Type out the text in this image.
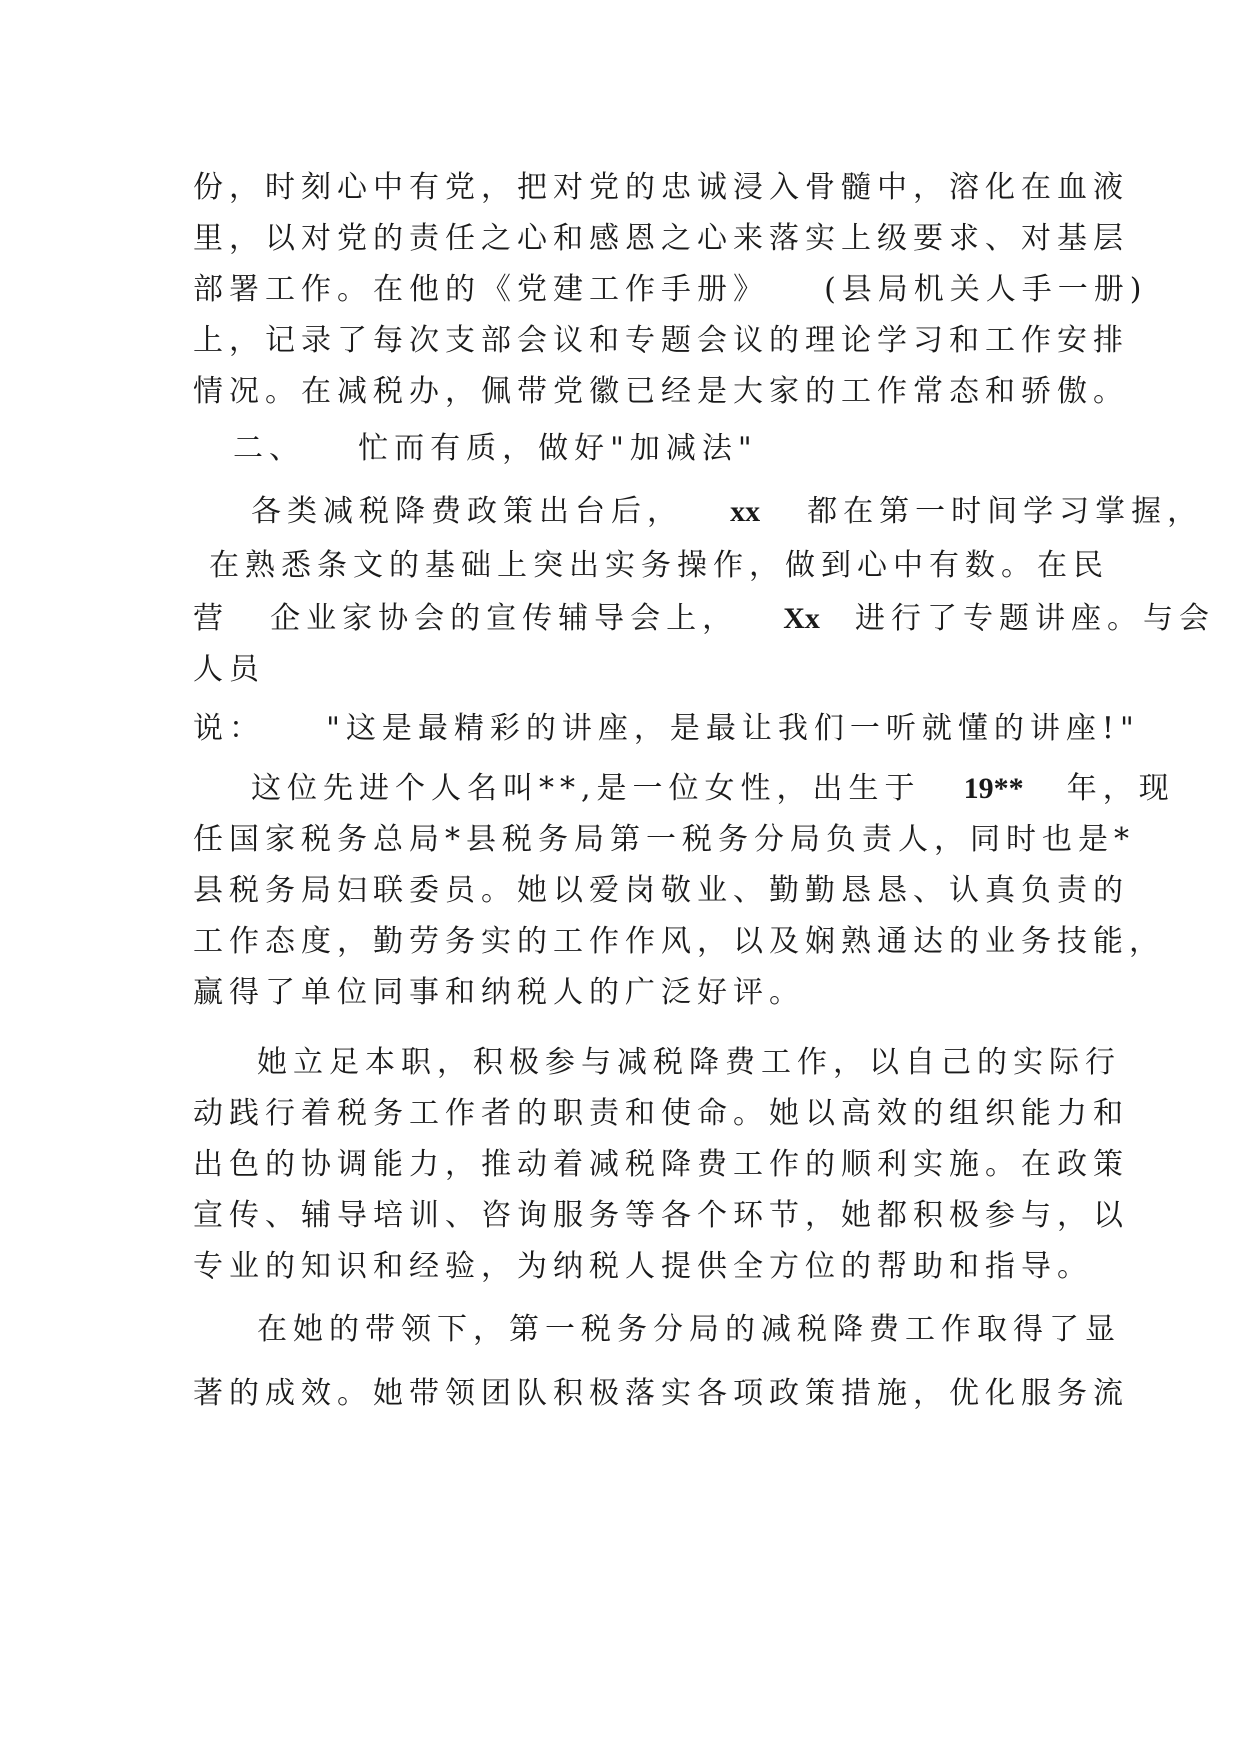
份，时刻心中有党，把对党的忠诚浸入骨髓中，溶化在血液
里，以对党的责任之心和感恩之心来落实上级要求、对基层
部署工作。在他的《党建工作手册》 (县局机关人手一册)
上，记录了每次支部会议和专题会议的理论学习和工作安排
情况。在减税办，佩带党徽已经是大家的工作常态和骄傲。
二、 忙而有质，做好"加减法"
各类减税降费政策出台后， xx 都在第一时间学习掌握，
在熟悉条文的基础上突出实务操作，做到心中有数。在民
营 企业家协会的宣传辅导会上， Xx 进行了专题讲座。与会
人员
说： "这是最精彩的讲座，是最让我们一听就懂的讲座!"
这位先进个人名叫**,是一位女性，出生于 19** 年，现
任国家税务总局*县税务局第一税务分局负责人，同时也是*
县税务局妇联委员。她以爱岗敬业、勤勤恳恳、认真负责的
工作态度，勤劳务实的工作作风，以及娴熟通达的业务技能，
赢得了单位同事和纳税人的广泛好评。
她立足本职，积极参与减税降费工作，以自己的实际行
动践行着税务工作者的职责和使命。她以高效的组织能力和
出色的协调能力，推动着减税降费工作的顺利实施。在政策
宣传、辅导培训、咨询服务等各个环节，她都积极参与，以
专业的知识和经验，为纳税人提供全方位的帮助和指导。
在她的带领下，第一税务分局的减税降费工作取得了显
著的成效。她带领团队积极落实各项政策措施，优化服务流
